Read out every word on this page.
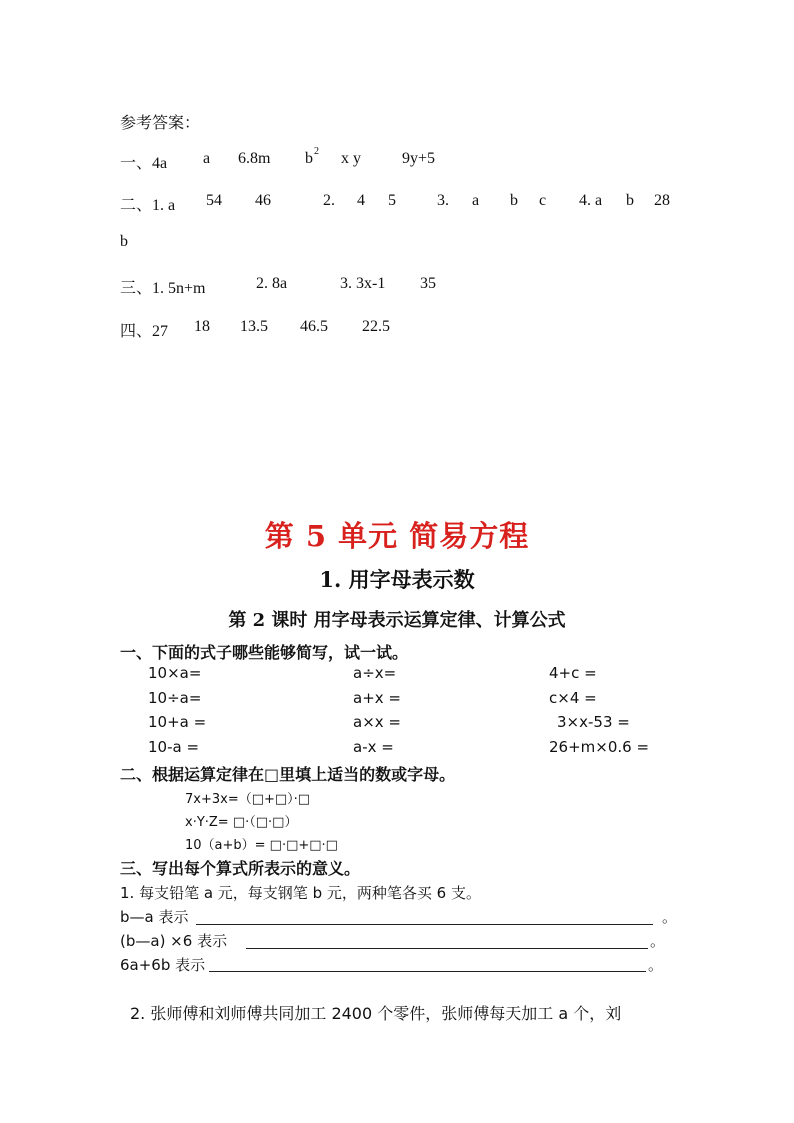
参考答案：
一、4a a 6.8m b 2 x y	9y+5
二、1. a 54 46	2. 4 5	3. a b c 4. a b 28
b
三、1. 5n+m	2. 8a	3. 3x-1 35
四、27 18 13.5 46.5 22.5
第 5 单元 简易方程
1. 用字母表示数
第 2 课时 用字母表示运算定律、计算公式
一、下面的式子哪些能够简写，试一试。
10×a=	a÷x=	4+c =
10÷a=	a+x =	c×4 =
10+a =	a×x =	3×x-53 =
10-a =	a-x =	26+m×0.6 =
二、根据运算定律在□里填上适当的数或字母。
7x+3x=（□+□）·□
x·Y·Z= □·（□·□）
10（a+b）= □·□+□·□
三、写出每个算式所表示的意义。
1. 每支铅笔 a 元，每支钢笔 b 元，两种笔各买 6 支。
b—a 表示	。
(b—a) ×6 表示	。
6a+6b 表示	。
2. 张师傅和刘师傅共同加工 2400 个零件，张师傅每天加工 a 个，刘
